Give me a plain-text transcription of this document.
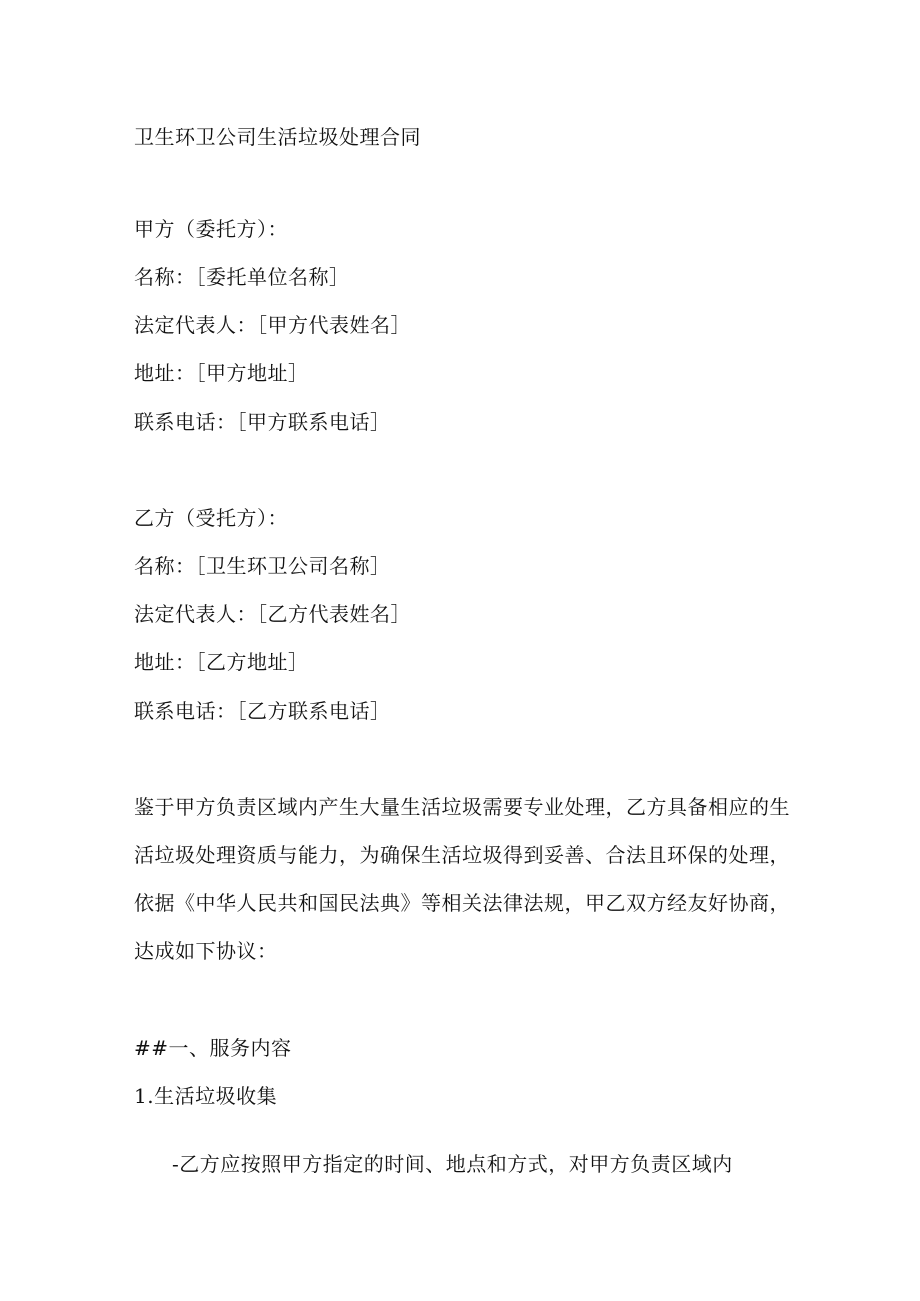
卫生环卫公司生活垃圾处理合同
甲方（委托方）：
名称：［委托单位名称］
法定代表人：［甲方代表姓名］
地址：［甲方地址］
联系电话：［甲方联系电话］
乙方（受托方）：
名称：［卫生环卫公司名称］
法定代表人：［乙方代表姓名］
地址：［乙方地址］
联系电话：［乙方联系电话］
鉴于甲方负责区域内产生大量生活垃圾需要专业处理，乙方具备相应的生
活垃圾处理资质与能力，为确保生活垃圾得到妥善、合法且环保的处理，
依据《中华人民共和国民法典》等相关法律法规，甲乙双方经友好协商，
达成如下协议：
##一、服务内容
1.生活垃圾收集
-乙方应按照甲方指定的时间、地点和方式，对甲方负责区域内
